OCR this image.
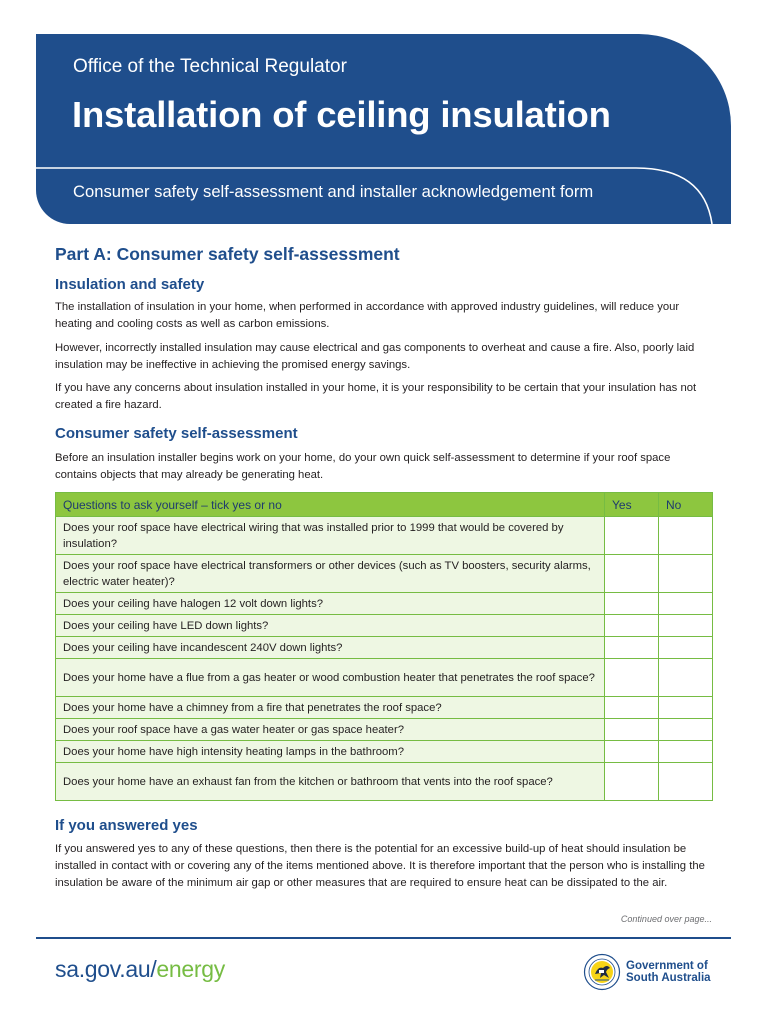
Office of the Technical Regulator
Installation of ceiling insulation
Consumer safety self-assessment and installer acknowledgement form
Part A: Consumer safety self-assessment
Insulation and safety

The installation of insulation in your home, when performed in accordance with approved industry guidelines, will reduce your heating and cooling costs as well as carbon emissions.

However, incorrectly installed insulation may cause electrical and gas components to overheat and cause a fire. Also, poorly laid insulation may be ineffective in achieving the promised energy savings.

If you have any concerns about insulation installed in your home, it is your responsibility to be certain that your insulation has not created a fire hazard.

Consumer safety self-assessment

Before an insulation installer begins work on your home, do your own quick self-assessment to determine if your roof space contains objects that may already be generating heat.

Questions to ask yourself – tick yes or no	Yes	No
Does your roof space have electrical wiring that was installed prior to 1999 that would be covered by insulation?		
Does your roof space have electrical transformers or other devices (such as TV boosters, security alarms, electric water heater)?		
Does your ceiling have halogen 12 volt down lights?		
Does your ceiling have LED down lights?		
Does your ceiling have incandescent 240V down lights?		
Does your home have a flue from a gas heater or wood combustion heater that penetrates the roof space?		
Does your home have a chimney from a fire that penetrates the roof space?		
Does your roof space have a gas water heater or gas space heater?		
Does your home have high intensity heating lamps in the bathroom?		
Does your home have an exhaust fan from the kitchen or bathroom that vents into the roof space?		
If you answered yes

If you answered yes to any of these questions, then there is the potential for an excessive build-up of heat should insulation be installed in contact with or covering any of the items mentioned above. It is therefore important that the person who is installing the insulation be aware of the minimum air gap or other measures that are required to ensure heat can be dissipated to the air.

Continued over page...
sa.gov.au/energy	Government of
South Australia
